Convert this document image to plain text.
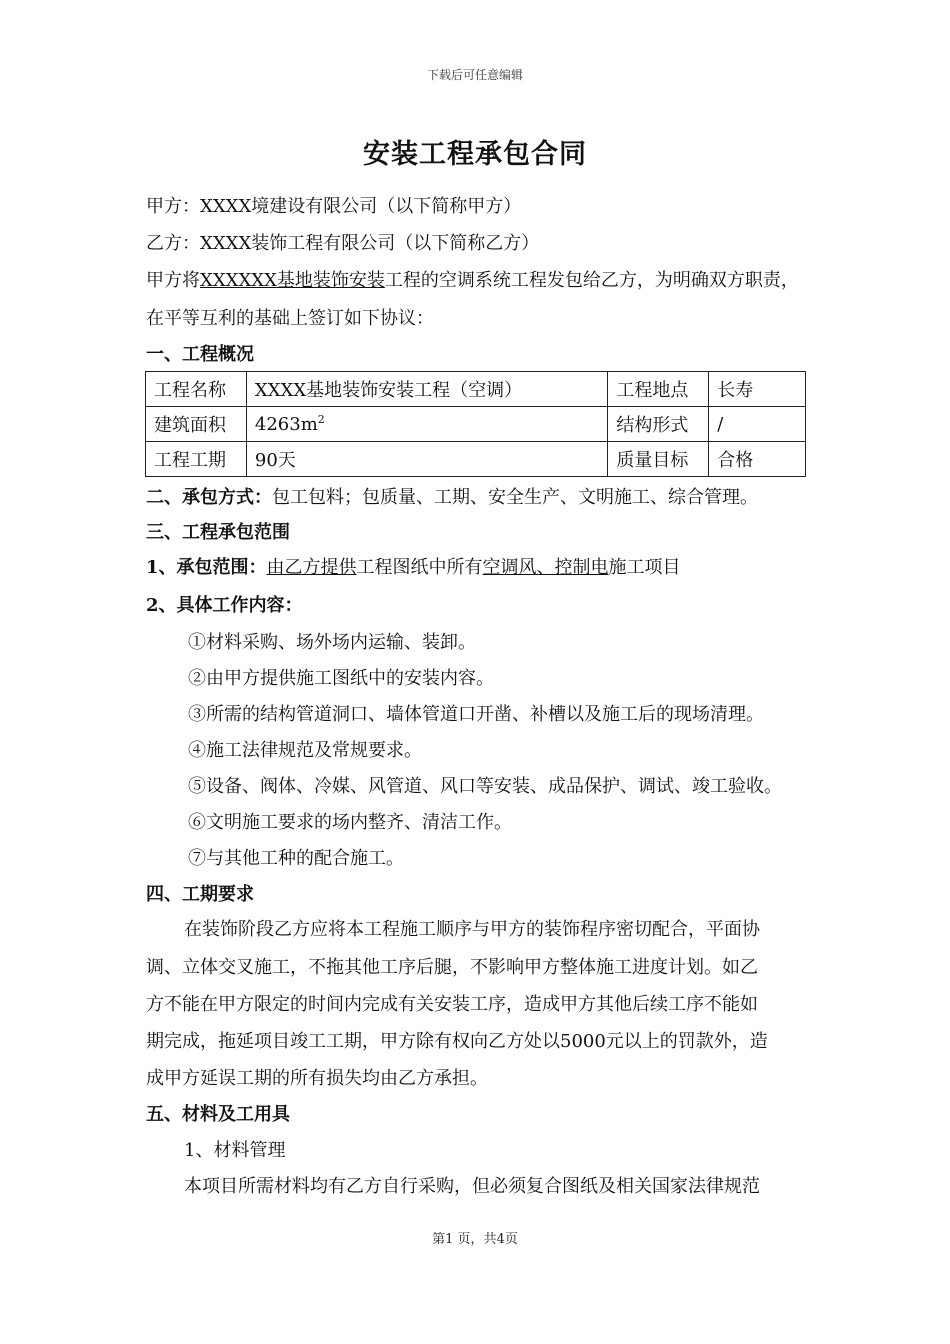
下载后可任意编辑
安装工程承包合同
甲方：XXXX境建设有限公司（以下简称甲方）
乙方：XXXX装饰工程有限公司（以下简称乙方）
甲方将XXXXXX基地装饰安装工程的空调系统工程发包给乙方，为明确双方职责，
在平等互利的基础上签订如下协议：
一、工程概况
工程名称	XXXX基地装饰安装工程（空调）	工程地点	长寿
建筑面积	$4263m^2$	结构形式	/
工程工期	90天	质量目标	合格
二、承包方式：包工包料；包质量、工期、安全生产、文明施工、综合管理。
三、工程承包范围
1、承包范围：由乙方提供工程图纸中所有空调风、控制电施工项目
2、具体工作内容：
①材料采购、场外场内运输、装卸。
②由甲方提供施工图纸中的安装内容。
③所需的结构管道洞口、墙体管道口开凿、补槽以及施工后的现场清理。
④施工法律规范及常规要求。
⑤设备、阀体、冷媒、风管道、风口等安装、成品保护、调试、竣工验收。
⑥文明施工要求的场内整齐、清洁工作。
⑦与其他工种的配合施工。
四、工期要求
在装饰阶段乙方应将本工程施工顺序与甲方的装饰程序密切配合，平面协
调、立体交叉施工，不拖其他工序后腿，不影响甲方整体施工进度计划。如乙
方不能在甲方限定的时间内完成有关安装工序，造成甲方其他后续工序不能如
期完成，拖延项目竣工工期，甲方除有权向乙方处以5000元以上的罚款外，造
成甲方延误工期的所有损失均由乙方承担。
五、材料及工用具
1、材料管理
本项目所需材料均有乙方自行采购，但必须复合图纸及相关国家法律规范
第1 页，共4页
